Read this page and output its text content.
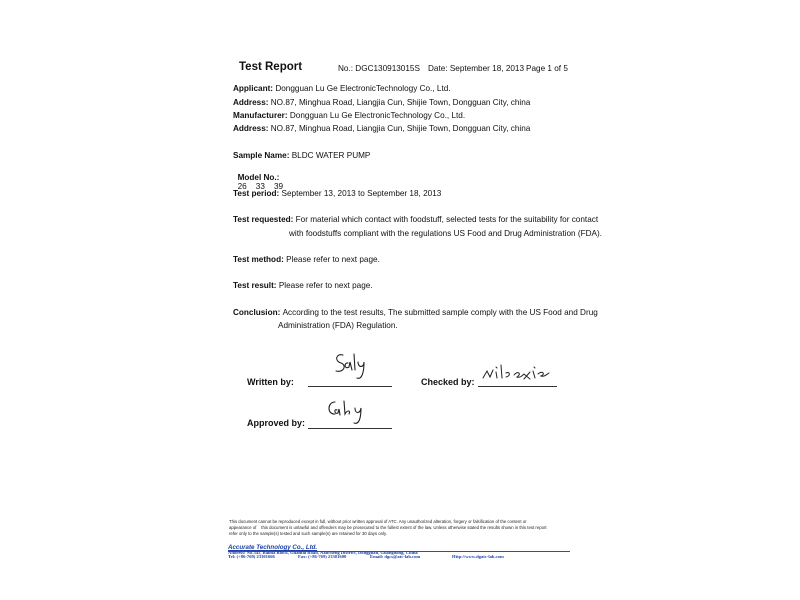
Test Report	No.: DGC130913015S Date: September 18, 2013 Page 1 of 5
Applicant: Dongguan Lu Ge ElectronicTechnology Co., Ltd.
Address: NO.87, Minghua Road, Liangjia Cun, Shijie Town, Dongguan City, china
Manufacturer: Dongguan Lu Ge ElectronicTechnology Co., Ltd.
Address: NO.87, Minghua Road, Liangjia Cun, Shijie Town, Dongguan City, china
Sample Name: BLDC WATER PUMP

Model No.:
26    33    39

Test period: September 13, 2013 to September 18, 2013
Test requested: For material which contact with foodstuff, selected tests for the suitability for contact
with foodstuffs compliant with the regulations US Food and Drug Administration (FDA).
Test method: Please refer to next page.
Test result: Please refer to next page.
Conclusion: According to the test results, The submitted sample comply with the US Food and Drug
Administration (FDA) Regulation.
Written by:	Checked by:
Approved by:
This document cannot be reproduced except in full, without prior written approval of ATC. Any unauthorized alteration, forgery or falsification of the content or
appearance of    this document is unlawful and offenders may be prosecuted to the fullest extent of the law. Unless otherwise stated the results shown in this test report
refer only to the sample(s) tested and such sample(s) are retained for 30 days only.
Accurate Technology Co., Ltd.
Address: No.345, Baima Block, Guantai Road, Nancheng District, Dongguan, Guangdong, China
Tel: (+86-769) 23301666	Fax: (+86-769) 23301600	Email: dgcs@atc-lab.com	Http://www.dgatc-lab.com
